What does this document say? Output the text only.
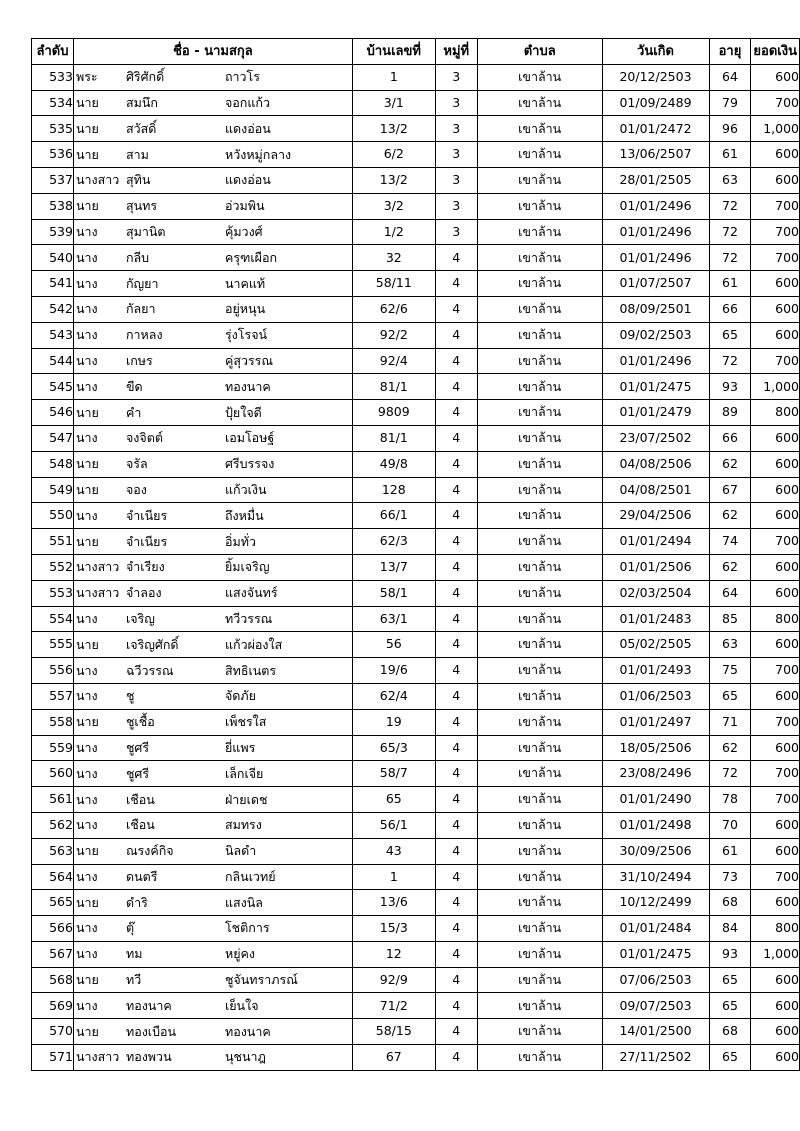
ลำดับ	ชื่อ - นามสกุล	บ้านเลขที่	หมู่ที่	ตำบล	วันเกิด	อายุ	ยอดเงิน
533	พระ ศิริศักดิ์ ถาวโร	1	3	เขาล้าน	20/12/2503	64	600
534	นาย สมนึก จอกแก้ว	3/1	3	เขาล้าน	01/09/2489	79	700
535	นาย สวัสดิ์ แดงอ่อน	13/2	3	เขาล้าน	01/01/2472	96	1,000
536	นาย สาม หวังหมู่กลาง	6/2	3	เขาล้าน	13/06/2507	61	600
537	นางสาว สุทิน แดงอ่อน	13/2	3	เขาล้าน	28/01/2505	63	600
538	นาย สุนทร อ่วมพิน	3/2	3	เขาล้าน	01/01/2496	72	700
539	นาง สุมานิต คุ้มวงศ์	1/2	3	เขาล้าน	01/01/2496	72	700
540	นาง กลีบ ครุฑเผือก	32	4	เขาล้าน	01/01/2496	72	700
541	นาง กัญยา นาคแท้	58/11	4	เขาล้าน	01/07/2507	61	600
542	นาง กัลยา อยู่หนุน	62/6	4	เขาล้าน	08/09/2501	66	600
543	นาง กาหลง รุ่งโรจน์	92/2	4	เขาล้าน	09/02/2503	65	600
544	นาง เกษร คู่สุวรรณ	92/4	4	เขาล้าน	01/01/2496	72	700
545	นาง ขีด ทองนาค	81/1	4	เขาล้าน	01/01/2475	93	1,000
546	นาย คำ ปุ้ยใจดี	9809	4	เขาล้าน	01/01/2479	89	800
547	นาง จงจิตต์ เอมโอษฐ์	81/1	4	เขาล้าน	23/07/2502	66	600
548	นาย จรัล ศรีบรรจง	49/8	4	เขาล้าน	04/08/2506	62	600
549	นาย จอง แก้วเงิน	128	4	เขาล้าน	04/08/2501	67	600
550	นาง จำเนียร ถึงหมื่น	66/1	4	เขาล้าน	29/04/2506	62	600
551	นาย จำเนียร อิ่มทั่ว	62/3	4	เขาล้าน	01/01/2494	74	700
552	นางสาว จำเรียง ยิ้มเจริญ	13/7	4	เขาล้าน	01/01/2506	62	600
553	นางสาว จำลอง แสงจันทร์	58/1	4	เขาล้าน	02/03/2504	64	600
554	นาง เจริญ ทวีวรรณ	63/1	4	เขาล้าน	01/01/2483	85	800
555	นาย เจริญศักดิ์ แก้วผ่องใส	56	4	เขาล้าน	05/02/2505	63	600
556	นาง ฉวีวรรณ สิทธิเนตร	19/6	4	เขาล้าน	01/01/2493	75	700
557	นาง ชู จัดภัย	62/4	4	เขาล้าน	01/06/2503	65	600
558	นาย ชูเชื้อ เพ็ชรใส	19	4	เขาล้าน	01/01/2497	71	700
559	นาง ชูศรี ยี่แพร	65/3	4	เขาล้าน	18/05/2506	62	600
560	นาง ชูศรี เล็กเจีย	58/7	4	เขาล้าน	23/08/2496	72	700
561	นาง เชือน ฝ่ายเดช	65	4	เขาล้าน	01/01/2490	78	700
562	นาง เชือน สมทรง	56/1	4	เขาล้าน	01/01/2498	70	600
563	นาย ณรงค์กิจ นิลดำ	43	4	เขาล้าน	30/09/2506	61	600
564	นาง ดนตรี กลินเวทย์	1	4	เขาล้าน	31/10/2494	73	700
565	นาย ดำริ แสงนิล	13/6	4	เขาล้าน	10/12/2499	68	600
566	นาง ตุ๊ โชติการ	15/3	4	เขาล้าน	01/01/2484	84	800
567	นาง ทม หยู่คง	12	4	เขาล้าน	01/01/2475	93	1,000
568	นาย ทวี ชูจันทราภรณ์	92/9	4	เขาล้าน	07/06/2503	65	600
569	นาง ทองนาค เย็นใจ	71/2	4	เขาล้าน	09/07/2503	65	600
570	นาย ทองเบือน ทองนาค	58/15	4	เขาล้าน	14/01/2500	68	600
571	นางสาว ทองพวน นุชนาฎ	67	4	เขาล้าน	27/11/2502	65	600
